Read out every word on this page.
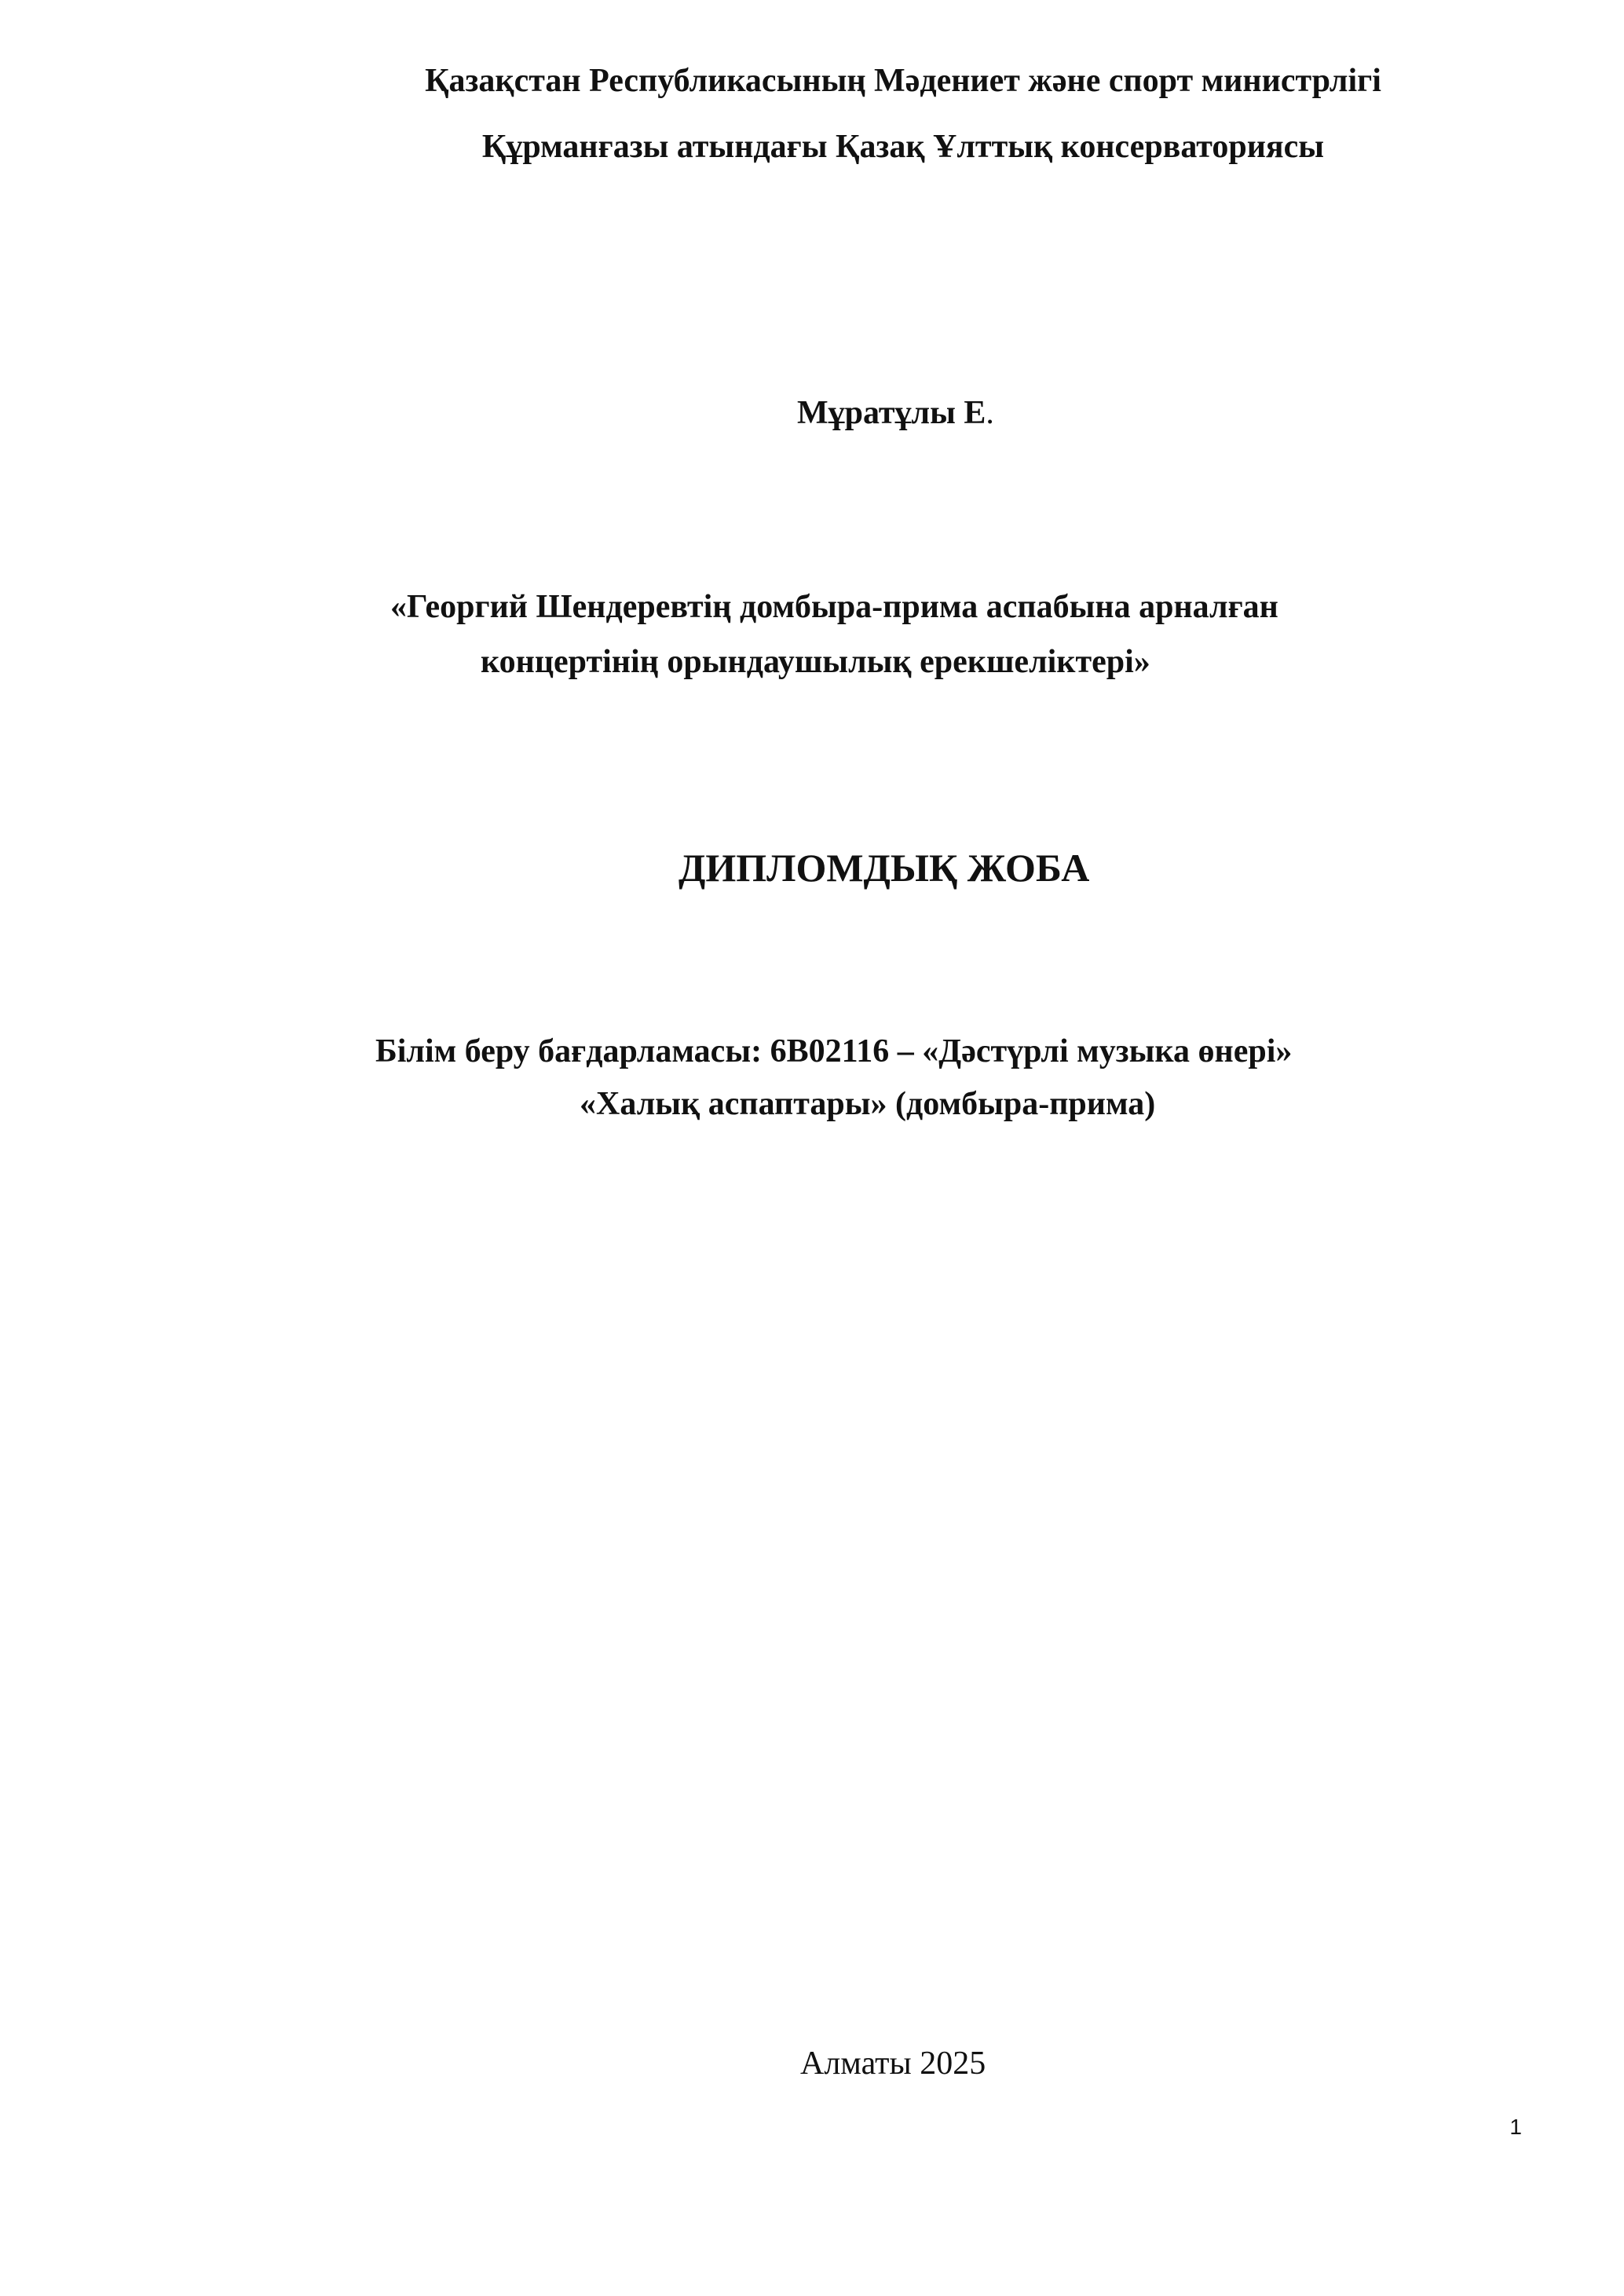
Қазақстан Республикасының Мәдениет және спорт министрлігі
Құрманғазы атындағы Қазақ Ұлттық консерваториясы
Мұратұлы Е.
«Георгий Шендеревтің домбыра-прима аспабына арналған
концертінің орындаушылық ерекшеліктері»
ДИПЛОМДЫҚ ЖОБА
Білім беру бағдарламасы: 6В02116 – «Дәстүрлі музыка өнері»
«Халық аспаптары» (домбыра-прима)
Алматы 2025
1
